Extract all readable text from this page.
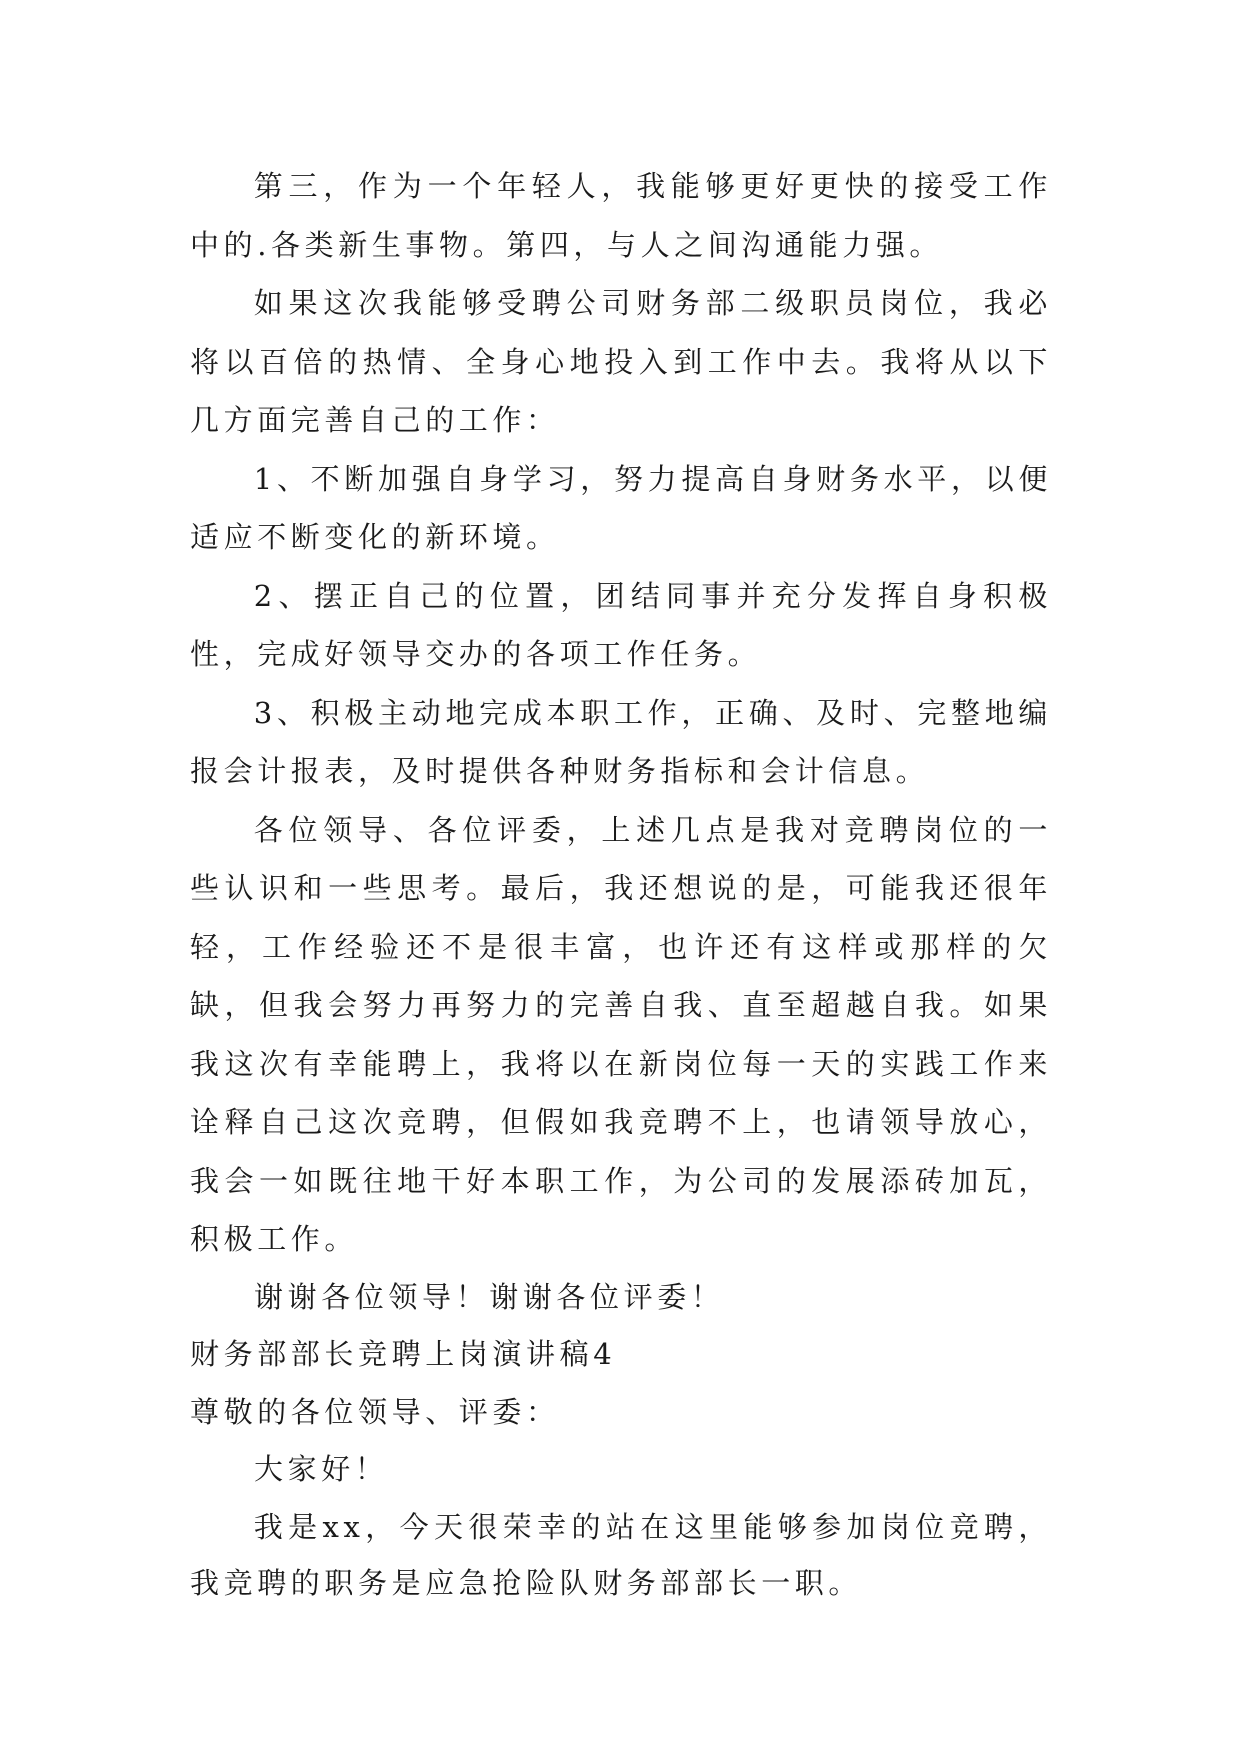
第三，作为一个年轻人，我能够更好更快的接受工作中的.各类新生事物。第四，与人之间沟通能力强。

如果这次我能够受聘公司财务部二级职员岗位，我必将以百倍的热情、全身心地投入到工作中去。我将从以下几方面完善自己的工作：

1、不断加强自身学习，努力提高自身财务水平，以便适应不断变化的新环境。

2、摆正自己的位置，团结同事并充分发挥自身积极性，完成好领导交办的各项工作任务。

3、积极主动地完成本职工作，正确、及时、完整地编报会计报表，及时提供各种财务指标和会计信息。

各位领导、各位评委，上述几点是我对竞聘岗位的一些认识和一些思考。最后，我还想说的是，可能我还很年轻，工作经验还不是很丰富，也许还有这样或那样的欠缺，但我会努力再努力的完善自我、直至超越自我。如果我这次有幸能聘上，我将以在新岗位每一天的实践工作来诠释自己这次竞聘，但假如我竞聘不上，也请领导放心，我会一如既往地干好本职工作，为公司的发展添砖加瓦，积极工作。

谢谢各位领导！谢谢各位评委！

财务部部长竞聘上岗演讲稿4

尊敬的各位领导、评委：

大家好！

我是xx，今天很荣幸的站在这里能够参加岗位竞聘，我竞聘的职务是应急抢险队财务部部长一职。
